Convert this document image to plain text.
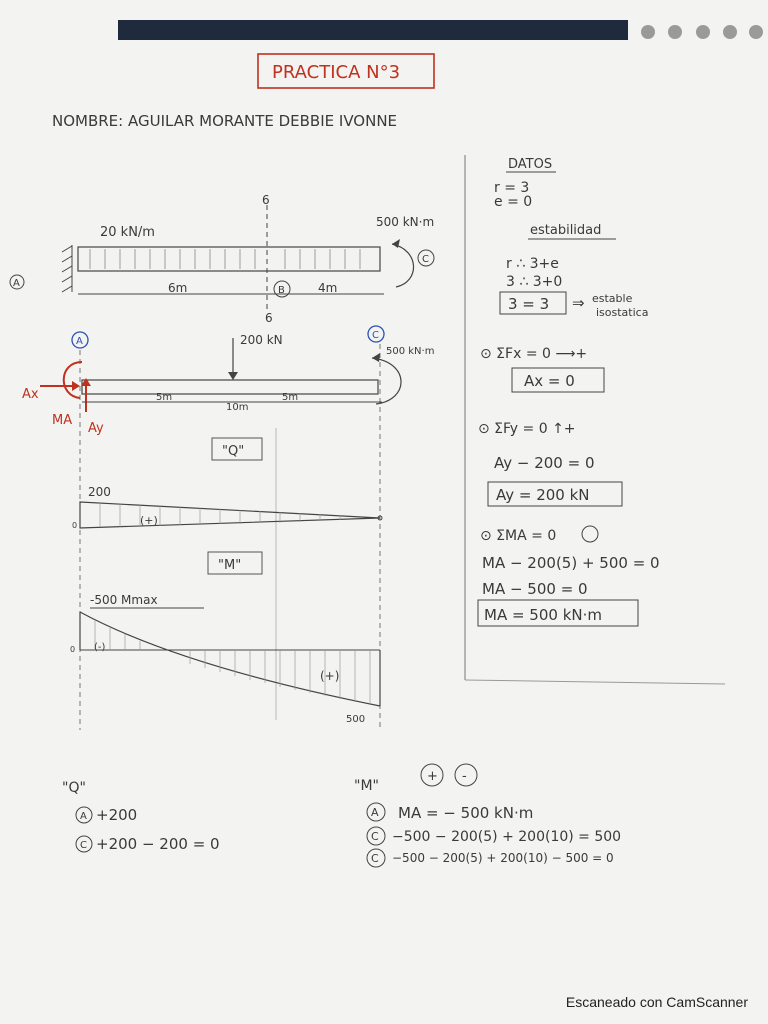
PRACTICA N°3
NOMBRE: AGUILAR MORANTE DEBBIE IVONNE
A
20 kN/m
6
6
500 kN·m
C
6m	B	4m
A
C
200 kN
500 kN·m
Ax
MA
Ay
5m
10m
5m
"Q"
200
0	(+)
"M"
-500 Mmax
0 (-)
(+)
500
DATOS
r = 3
e = 0
estabilidad
r ∴ 3+e
3 ∴ 3+0
3 = 3 ⇒ estable
isostatica
⊙ ΣFx = 0 ⟶+
Ax = 0
⊙ ΣFy = 0 ↑+
Ay − 200 = 0
Ay = 200 kN
⊙ ΣMA = 0
MA − 200(5) + 500 = 0
MA − 500 = 0
MA = 500 kN·m
"Q"
A +200
C +200 − 200 = 0
"M"
+ -
A MA = − 500 kN·m
C −500 − 200(5) + 200(10) = 500
C −500 − 200(5) + 200(10) − 500 = 0
Escaneado con CamScanner
